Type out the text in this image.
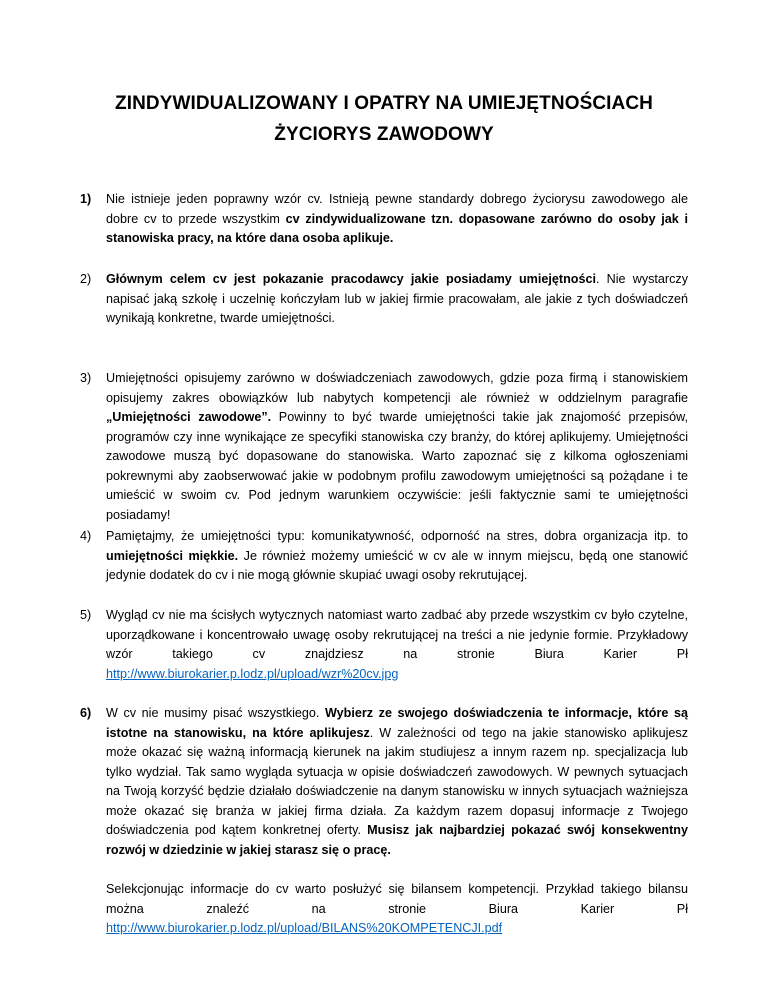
ZINDYWIDUALIZOWANY I OPATRY NA UMIEJĘTNOŚCIACH
ŻYCIORYS ZAWODOWY
1)	Nie istnieje jeden poprawny wzór cv. Istnieją pewne standardy dobrego życiorysu zawodowego ale dobre cv to przede wszystkim cv zindywidualizowane tzn. dopasowane zarówno do osoby jak i stanowiska pracy, na które dana osoba aplikuje.
2)	Głównym celem cv jest pokazanie pracodawcy jakie posiadamy umiejętności. Nie wystarczy napisać jaką szkołę i uczelnię kończyłam lub w jakiej firmie pracowałam, ale jakie z tych doświadczeń wynikają konkretne, twarde umiejętności.
3)	Umiejętności opisujemy zarówno w doświadczeniach zawodowych, gdzie poza firmą i stanowiskiem opisujemy zakres obowiązków lub nabytych kompetencji ale również w oddzielnym paragrafie „Umiejętności zawodowe”. Powinny to być twarde umiejętności takie jak znajomość przepisów, programów czy inne wynikające ze specyfiki stanowiska czy branży, do której aplikujemy. Umiejętności zawodowe muszą być dopasowane do stanowiska. Warto zapoznać się z kilkoma ogłoszeniami pokrewnymi aby zaobserwować jakie w podobnym profilu zawodowym umiejętności są pożądane i te umieścić w swoim cv. Pod jednym warunkiem oczywiście: jeśli faktycznie sami te umiejętności posiadamy!
4)	Pamiętajmy, że umiejętności typu: komunikatywność, odporność na stres, dobra organizacja itp. to umiejętności miękkie. Je również możemy umieścić w cv ale w innym miejscu, będą one stanowić jedynie dodatek do cv i nie mogą głównie skupiać uwagi osoby rekrutującej.
5)	Wygląd cv nie ma ścisłych wytycznych natomiast warto zadbać aby przede wszystkim cv było czytelne, uporządkowane i koncentrowało uwagę osoby rekrutującej na treści a nie jedynie formie. Przykładowy wzór takiego cv znajdziesz na stronie Biura Karier Pł http://www.biurokarier.p.lodz.pl/upload/wzr%20cv.jpg
6)	W cv nie musimy pisać wszystkiego. Wybierz ze swojego doświadczenia te informacje, które są istotne na stanowisku, na które aplikujesz. W zależności od tego na jakie stanowisko aplikujesz może okazać się ważną informacją kierunek na jakim studiujesz a innym razem np. specjalizacja lub tylko wydział. Tak samo wygląda sytuacja w opisie doświadczeń zawodowych. W pewnych sytuacjach na Twoją korzyść będzie działało doświadczenie na danym stanowisku w innych sytuacjach ważniejsza może okazać się branża w jakiej firma działa. Za każdym razem dopasuj informacje z Twojego doświadczenia pod kątem konkretnej oferty. Musisz jak najbardziej pokazać swój konsekwentny rozwój w dziedzinie w jakiej starasz się o pracę.
Selekcjonując informacje do cv warto posłużyć się bilansem kompetencji. Przykład takiego bilansu można znaleźć na stronie Biura Karier Pł http://www.biurokarier.p.lodz.pl/upload/BILANS%20KOMPETENCJI.pdf
